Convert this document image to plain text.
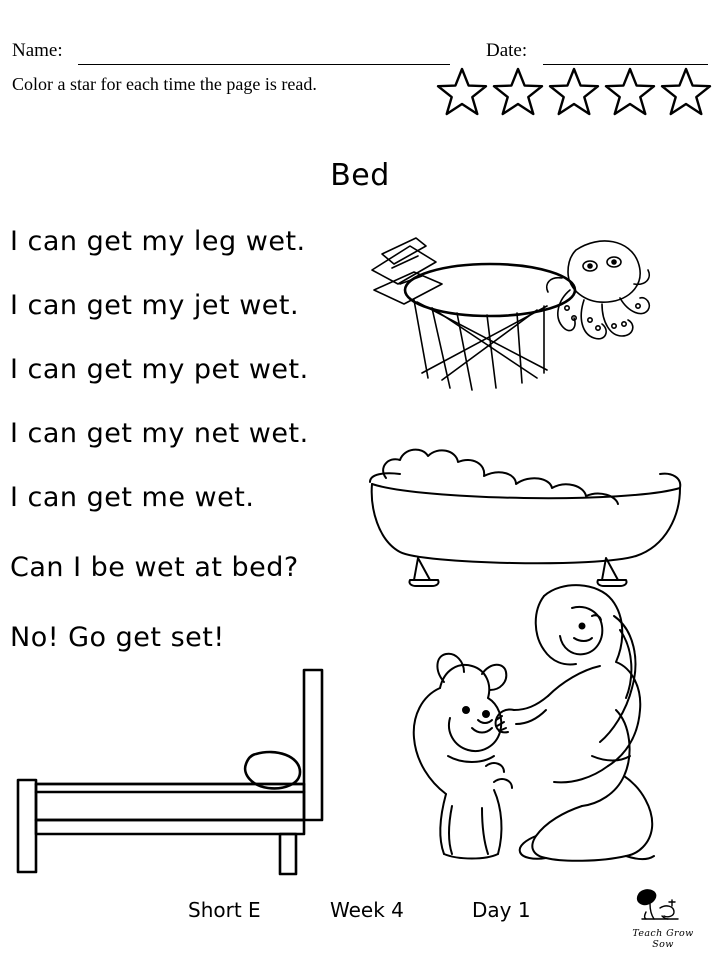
Name:	Date:
Color a star for each time the page is read.
Bed
I can get my leg wet.
I can get my jet wet.
I can get my pet wet.
I can get my net wet.
I can get me wet.
Can I be wet at bed?
No! Go get set!
Short E	Week 4	Day 1
Teach Grow Sow
